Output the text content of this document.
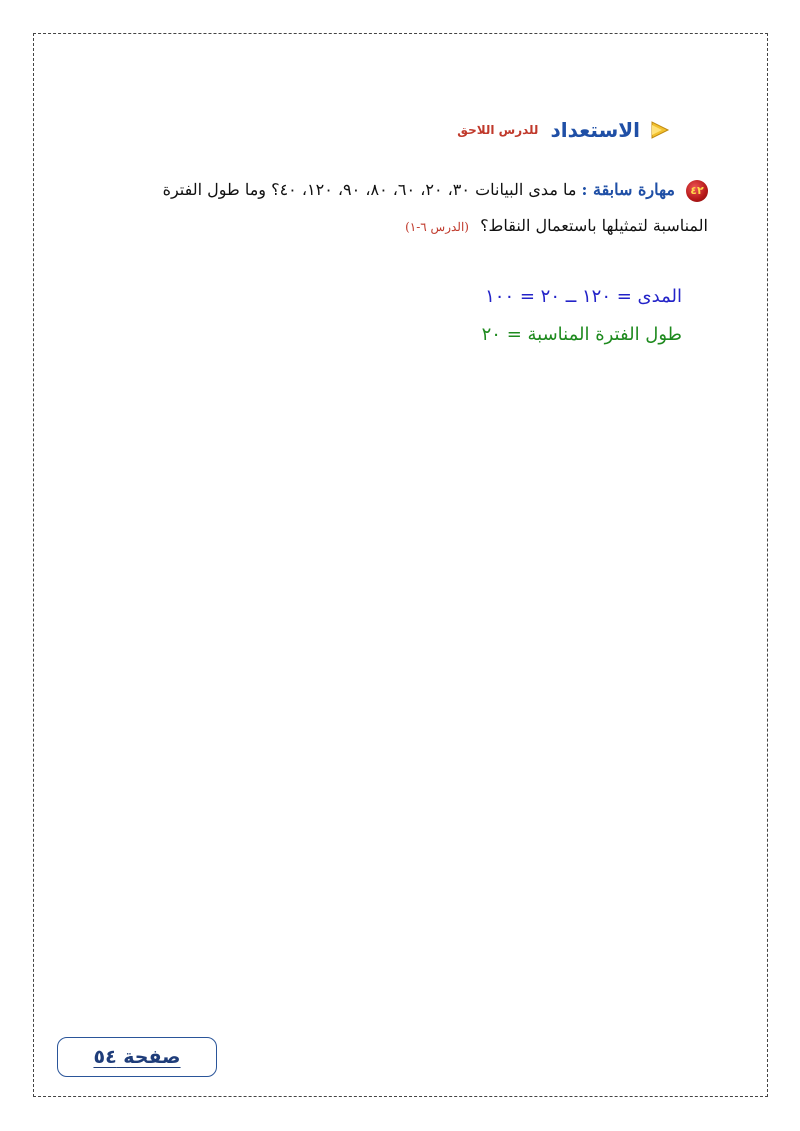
الاستعداد
للدرس اللاحق
٤٢ مهارة سابقة : ما مدى البيانات ٣٠، ٢٠، ٦٠، ٨٠، ٩٠، ١٢٠، ٤٠؟ وما طول الفترة المناسبة لتمثيلها باستعمال النقاط؟ (الدرس ٦-١)
المدى = ١٢٠ ــ ٢٠ = ١٠٠
طول الفترة المناسبة = ٢٠
صفحة ٥٤
